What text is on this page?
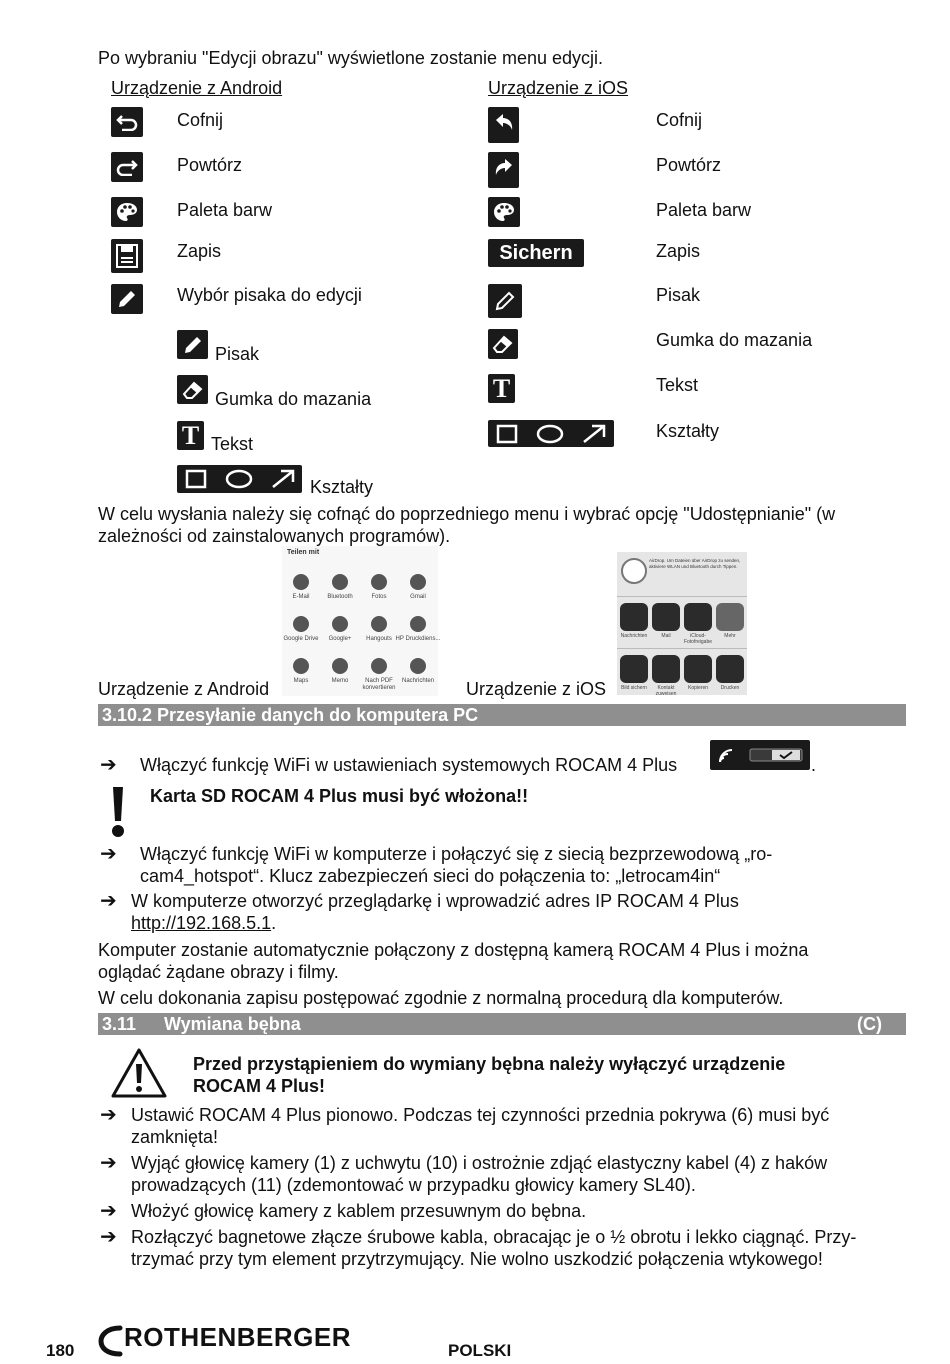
Po wybraniu "Edycji obrazu" wyświetlone zostanie menu edycji.
Urządzenie z Android
Cofnij
Powtórz
Paleta barw
Zapis
Wybór pisaka do edycji
Pisak
Gumka do mazania
T Tekst
Kształty
Urządzenie z iOS
Cofnij
Powtórz
Paleta barw
Sichern	Zapis
Pisak
Gumka do mazania
T	Tekst
Kształty
W celu wysłania należy się cofnąć do poprzedniego menu i wybrać opcję "Udostępnianie" (w
zależności od zainstalowanych programów).
Teilen mit
E-Mail	Bluetooth	Fotos	Gmail
Google Drive	Google+	Hangouts HP Druckdiens...
Maps	Memo	Nach PDF konvertieren
Nachrichten
Urządzenie z Android
AirDrop. Um Dateien über AirDrop zu senden, aktiviere WLAN und Bluetooth durch Tippen.
Nachrichten	Mail	iCloud-Fotofreigabe
Mehr
Bild sichern	Kontakt zuweisen
Kopieren	Drucken
Urządzenie z iOS
3.10.2 Przesyłanie danych do komputera PC
➔ Włączyć funkcję WiFi w ustawieniach systemowych ROCAM 4 Plus	.
Karta SD ROCAM 4 Plus musi być włożona!!
➔ Włączyć funkcję WiFi w komputerze i połączyć się z siecią bezprzewodową „ro-
cam4_hotspot“. Klucz zabezpieczeń sieci do połączenia to: „letrocam4in“
➔ W komputerze otworzyć przeglądarkę i wprowadzić adres IP ROCAM 4 Plus
http://192.168.5.1.
Komputer zostanie automatycznie połączony z dostępną kamerą ROCAM 4 Plus i można
oglądać żądane obrazy i filmy.
W celu dokonania zapisu postępować zgodnie z normalną procedurą dla komputerów.
3.11 Wymiana bębna	(C)
Przed przystąpieniem do wymiany bębna należy wyłączyć urządzenie
ROCAM 4 Plus!
➔ Ustawić ROCAM 4 Plus pionowo. Podczas tej czynności przednia pokrywa (6) musi być
zamknięta!
➔ Wyjąć głowicę kamery (1) z uchwytu (10) i ostrożnie zdjąć elastyczny kabel (4) z haków
prowadzących (11) (zdemontować w przypadku głowicy kamery SL40).
➔ Włożyć głowicę kamery z kablem przesuwnym do bębna.
➔ Rozłączyć bagnetowe złącze śrubowe kabla, obracając je o ½ obrotu i lekko ciągnąć. Przy-
trzymać przy tym element przytrzymujący. Nie wolno uszkodzić połączenia wtykowego!
180 ROTHENBERGER	POLSKI
